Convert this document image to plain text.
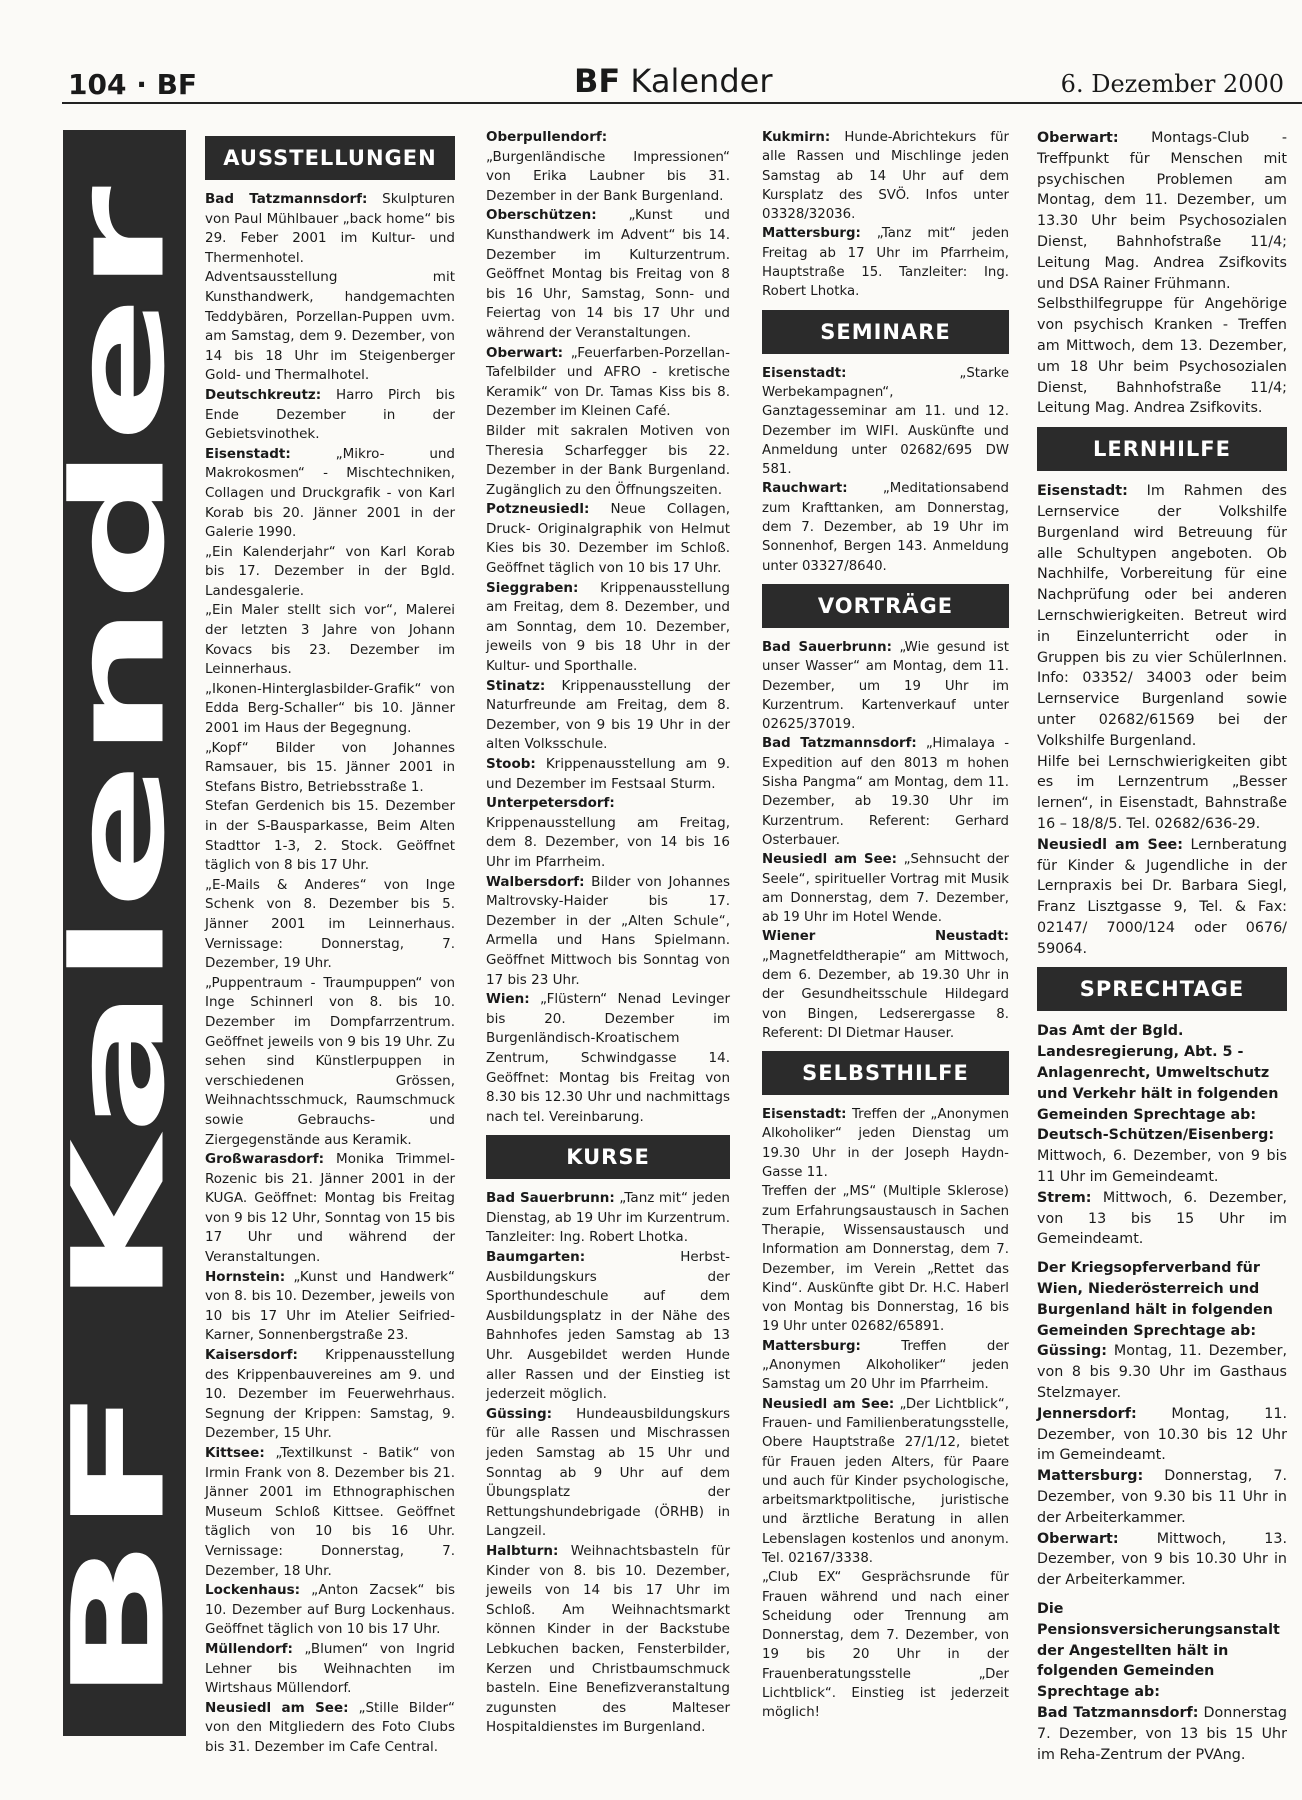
104 · BF	BF Kalender	6. Dezember 2000
BF Kalender
AUSSTELLUNGEN

Bad Tatzmannsdorf: Skulpturen von Paul Mühlbauer „back home“ bis 29. Feber 2001 im Kultur- und Thermenhotel.

Adventsausstellung mit Kunsthandwerk, handgemachten Teddybären, Porzellan-Puppen uvm. am Samstag, dem 9. Dezember, von 14 bis 18 Uhr im Steigenberger Gold- und Thermalhotel.

Deutschkreutz: Harro Pirch bis Ende Dezember in der Gebietsvinothek.

Eisenstadt: „Mikro- und Makrokosmen“ - Mischtechniken, Collagen und Druckgrafik - von Karl Korab bis 20. Jänner 2001 in der Galerie 1990.

„Ein Kalenderjahr“ von Karl Korab bis 17. Dezember in der Bgld. Landesgalerie.

„Ein Maler stellt sich vor“, Malerei der letzten 3 Jahre von Johann Kovacs bis 23. Dezember im Leinnerhaus.

„Ikonen-Hinterglasbilder-Grafik“ von Edda Berg-Schaller“ bis 10. Jänner 2001 im Haus der Begegnung.

„Kopf“ Bilder von Johannes Ramsauer, bis 15. Jänner 2001 in Stefans Bistro, Betriebsstraße 1.

Stefan Gerdenich bis 15. Dezember in der S-Bausparkasse, Beim Alten Stadttor 1-3, 2. Stock. Geöffnet täglich von 8 bis 17 Uhr.

„E-Mails & Anderes“ von Inge Schenk von 8. Dezember bis 5. Jänner 2001 im Leinnerhaus. Vernissage: Donnerstag, 7. Dezember, 19 Uhr.

„Puppentraum - Traumpuppen“ von Inge Schinnerl von 8. bis 10. Dezember im Dompfarrzentrum. Geöffnet jeweils von 9 bis 19 Uhr. Zu sehen sind Künstlerpuppen in verschiedenen Grössen, Weihnachtsschmuck, Raumschmuck sowie Gebrauchs- und Ziergegenstände aus Keramik.

Großwarasdorf: Monika Trimmel-Rozenic bis 21. Jänner 2001 in der KUGA. Geöffnet: Montag bis Freitag von 9 bis 12 Uhr, Sonntag von 15 bis 17 Uhr und während der Veranstaltungen.

Hornstein: „Kunst und Handwerk“ von 8. bis 10. Dezember, jeweils von 10 bis 17 Uhr im Atelier Seifried-Karner, Sonnenbergstraße 23.

Kaisersdorf: Krippenausstellung des Krippenbauvereines am 9. und 10. Dezember im Feuerwehrhaus. Segnung der Krippen: Samstag, 9. Dezember, 15 Uhr.

Kittsee: „Textilkunst - Batik“ von Irmin Frank von 8. Dezember bis 21. Jänner 2001 im Ethnographischen Museum Schloß Kittsee. Geöffnet täglich von 10 bis 16 Uhr. Vernissage: Donnerstag, 7. Dezember, 18 Uhr.

Lockenhaus: „Anton Zacsek“ bis 10. Dezember auf Burg Lockenhaus. Geöffnet täglich von 10 bis 17 Uhr.

Müllendorf: „Blumen“ von Ingrid Lehner bis Weihnachten im Wirtshaus Müllendorf.

Neusiedl am See: „Stille Bilder“ von den Mitgliedern des Foto Clubs bis 31. Dezember im Cafe Central.

Oberpullendorf: „Burgenländische Impressionen“ von Erika Laubner bis 31. Dezember in der Bank Burgenland.

Oberschützen: „Kunst und Kunsthandwerk im Advent“ bis 14. Dezember im Kulturzentrum. Geöffnet Montag bis Freitag von 8 bis 16 Uhr, Samstag, Sonn- und Feiertag von 14 bis 17 Uhr und während der Veranstaltungen.

Oberwart: „Feuerfarben-Porzellan-Tafelbilder und AFRO - kretische Keramik“ von Dr. Tamas Kiss bis 8. Dezember im Kleinen Café.

Bilder mit sakralen Motiven von Theresia Scharfegger bis 22. Dezember in der Bank Burgenland. Zugänglich zu den Öffnungszeiten.

Potzneusiedl: Neue Collagen, Druck- Originalgraphik von Helmut Kies bis 30. Dezember im Schloß. Geöffnet täglich von 10 bis 17 Uhr.

Sieggraben: Krippenausstellung am Freitag, dem 8. Dezember, und am Sonntag, dem 10. Dezember, jeweils von 9 bis 18 Uhr in der Kultur- und Sporthalle.

Stinatz: Krippenausstellung der Naturfreunde am Freitag, dem 8. Dezember, von 9 bis 19 Uhr in der alten Volksschule.

Stoob: Krippenausstellung am 9. und Dezember im Festsaal Sturm.

Unterpetersdorf: Krippenausstellung am Freitag, dem 8. Dezember, von 14 bis 16 Uhr im Pfarrheim.

Walbersdorf: Bilder von Johannes Maltrovsky-Haider bis 17. Dezember in der „Alten Schule“, Armella und Hans Spielmann. Geöffnet Mittwoch bis Sonntag von 17 bis 23 Uhr.

Wien: „Flüstern“ Nenad Levinger bis 20. Dezember im Burgenländisch-Kroatischem Zentrum, Schwindgasse 14. Geöffnet: Montag bis Freitag von 8.30 bis 12.30 Uhr und nachmittags nach tel. Vereinbarung.

KURSE

Bad Sauerbrunn: „Tanz mit“ jeden Dienstag, ab 19 Uhr im Kurzentrum. Tanzleiter: Ing. Robert Lhotka.

Baumgarten: Herbst-Ausbildungskurs der Sporthundeschule auf dem Ausbildungsplatz in der Nähe des Bahnhofes jeden Samstag ab 13 Uhr. Ausgebildet werden Hunde aller Rassen und der Einstieg ist jederzeit möglich.

Güssing: Hundeausbildungskurs für alle Rassen und Mischrassen jeden Samstag ab 15 Uhr und Sonntag ab 9 Uhr auf dem Übungsplatz der Rettungshundebrigade (ÖRHB) in Langzeil.

Halbturn: Weihnachtsbasteln für Kinder von 8. bis 10. Dezember, jeweils von 14 bis 17 Uhr im Schloß. Am Weihnachtsmarkt können Kinder in der Backstube Lebkuchen backen, Fensterbilder, Kerzen und Christbaumschmuck basteln. Eine Benefizveranstaltung zugunsten des Malteser Hospitaldienstes im Burgenland.

Kukmirn: Hunde-Abrichtekurs für alle Rassen und Mischlinge jeden Samstag ab 14 Uhr auf dem Kursplatz des SVÖ. Infos unter 03328/32036.

Mattersburg: „Tanz mit“ jeden Freitag ab 17 Uhr im Pfarrheim, Hauptstraße 15. Tanzleiter: Ing. Robert Lhotka.

SEMINARE

Eisenstadt: „Starke Werbekampagnen“, Ganztagesseminar am 11. und 12. Dezember im WIFI. Auskünfte und Anmeldung unter 02682/695 DW 581.

Rauchwart: „Meditationsabend zum Krafttanken, am Donnerstag, dem 7. Dezember, ab 19 Uhr im Sonnenhof, Bergen 143. Anmeldung unter 03327/8640.

VORTRÄGE

Bad Sauerbrunn: „Wie gesund ist unser Wasser“ am Montag, dem 11. Dezember, um 19 Uhr im Kurzentrum. Kartenverkauf unter 02625/37019.

Bad Tatzmannsdorf: „Himalaya - Expedition auf den 8013 m hohen Sisha Pangma“ am Montag, dem 11. Dezember, ab 19.30 Uhr im Kurzentrum. Referent: Gerhard Osterbauer.

Neusiedl am See: „Sehnsucht der Seele“, spiritueller Vortrag mit Musik am Donnerstag, dem 7. Dezember, ab 19 Uhr im Hotel Wende.

Wiener Neustadt: „Magnetfeldtherapie“ am Mittwoch, dem 6. Dezember, ab 19.30 Uhr in der Gesundheitsschule Hildegard von Bingen, Ledserergasse 8. Referent: DI Dietmar Hauser.

SELBSTHILFE

Eisenstadt: Treffen der „Anonymen Alkoholiker“ jeden Dienstag um 19.30 Uhr in der Joseph Haydn-Gasse 11.

Treffen der „MS“ (Multiple Sklerose) zum Erfahrungsaustausch in Sachen Therapie, Wissensaustausch und Information am Donnerstag, dem 7. Dezember, im Verein „Rettet das Kind“. Auskünfte gibt Dr. H.C. Haberl von Montag bis Donnerstag, 16 bis 19 Uhr unter 02682/65891.

Mattersburg: Treffen der „Anonymen Alkoholiker“ jeden Samstag um 20 Uhr im Pfarrheim.

Neusiedl am See: „Der Lichtblick“, Frauen- und Familienberatungsstelle, Obere Hauptstraße 27/1/12, bietet für Frauen jeden Alters, für Paare und auch für Kinder psychologische, arbeitsmarktpolitische, juristische und ärztliche Beratung in allen Lebenslagen kostenlos und anonym. Tel. 02167/3338.

„Club EX“ Gesprächsrunde für Frauen während und nach einer Scheidung oder Trennung am Donnerstag, dem 7. Dezember, von 19 bis 20 Uhr in der Frauenberatungsstelle „Der Lichtblick“. Einstieg ist jederzeit möglich!

Oberwart: Montags-Club - Treffpunkt für Menschen mit psychischen Problemen am Montag, dem 11. Dezember, um 13.30 Uhr beim Psychosozialen Dienst, Bahnhofstraße 11/4; Leitung Mag. Andrea Zsifkovits und DSA Rainer Frühmann.

Selbsthilfegruppe für Angehörige von psychisch Kranken - Treffen am Mittwoch, dem 13. Dezember, um 18 Uhr beim Psychosozialen Dienst, Bahnhofstraße 11/4; Leitung Mag. Andrea Zsifkovits.

LERNHILFE

Eisenstadt: Im Rahmen des Lernservice der Volkshilfe Burgenland wird Betreuung für alle Schultypen angeboten. Ob Nachhilfe, Vorbereitung für eine Nachprüfung oder bei anderen Lernschwierigkeiten. Betreut wird in Einzelunterricht oder in Gruppen bis zu vier SchülerInnen. Info: 03352/ 34003 oder beim Lernservice Burgenland sowie unter 02682/61569 bei der Volkshilfe Burgenland.

Hilfe bei Lernschwierigkeiten gibt es im Lernzentrum „Besser lernen“, in Eisenstadt, Bahnstraße 16 – 18/8/5. Tel. 02682/636-29.

Neusiedl am See: Lernberatung für Kinder & Jugendliche in der Lernpraxis bei Dr. Barbara Siegl, Franz Lisztgasse 9, Tel. & Fax: 02147/ 7000/124 oder 0676/ 59064.

SPRECHTAGE

Das Amt der Bgld. Landesregierung, Abt. 5 - Anlagenrecht, Umweltschutz und Verkehr hält in folgenden Gemeinden Sprechtage ab:

Deutsch-Schützen/Eisenberg: Mittwoch, 6. Dezember, von 9 bis 11 Uhr im Gemeindeamt.

Strem: Mittwoch, 6. Dezember, von 13 bis 15 Uhr im Gemeindeamt.

Der Kriegsopferverband für Wien, Niederösterreich und Burgenland hält in folgenden Gemeinden Sprechtage ab:

Güssing: Montag, 11. Dezember, von 8 bis 9.30 Uhr im Gasthaus Stelzmayer.

Jennersdorf: Montag, 11. Dezember, von 10.30 bis 12 Uhr im Gemeindeamt.

Mattersburg: Donnerstag, 7. Dezember, von 9.30 bis 11 Uhr in der Arbeiterkammer.

Oberwart: Mittwoch, 13. Dezember, von 9 bis 10.30 Uhr in der Arbeiterkammer.

Die Pensionsversicherungsanstalt der Angestellten hält in folgenden Gemeinden Sprechtage ab:

Bad Tatzmannsdorf: Donnerstag 7. Dezember, von 13 bis 15 Uhr im Reha-Zentrum der PVAng.
